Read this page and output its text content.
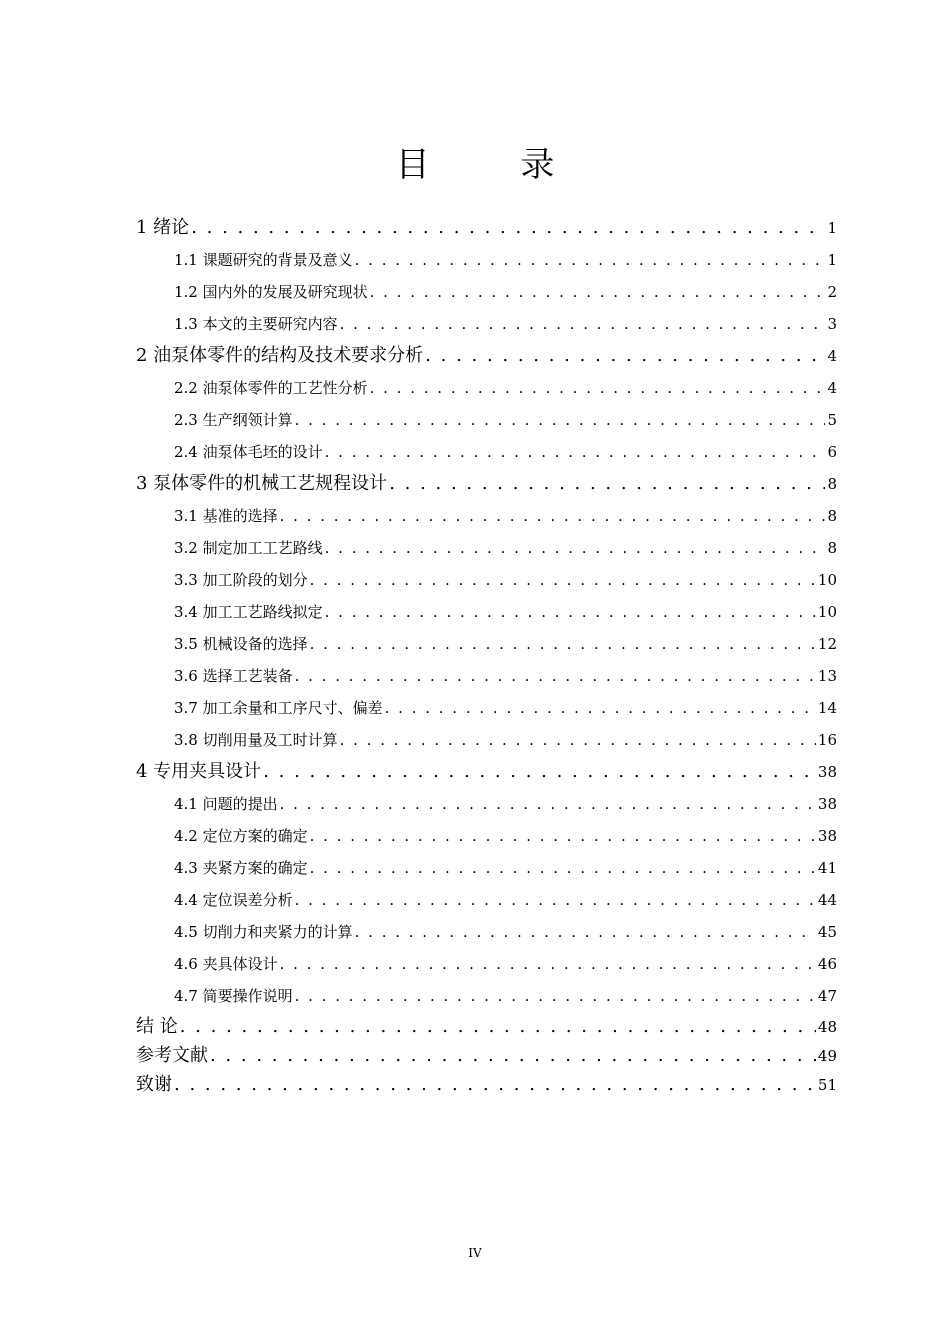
目 录
1 绪论 . . .	1
1.1 课题研究的背景及意义 . . .	1
1.2 国内外的发展及研究现状 . . .	2
1.3 本文的主要研究内容 . . .	3
2 油泵体零件的结构及技术要求分析 . . .	4
2.2 油泵体零件的工艺性分析 . . .	4
2.3 生产纲领计算 . . .	5
2.4 油泵体毛坯的设计 . . .	6
3 泵体零件的机械工艺规程设计 . . .	8
3.1 基准的选择 . . .	8
3.2 制定加工工艺路线 . . .	8
3.3 加工阶段的划分 . . .	10
3.4 加工工艺路线拟定 . . .	10
3.5 机械设备的选择 . . .	12
3.6 选择工艺装备 . . .	13
3.7 加工余量和工序尺寸、偏差 . . .	14
3.8 切削用量及工时计算 . . .	16
4 专用夹具设计 . . .	38
4.1 问题的提出 . . .	38
4.2 定位方案的确定 . . .	38
4.3 夹紧方案的确定 . . .	41
4.4 定位误差分析 . . .	44
4.5 切削力和夹紧力的计算 . . .	45
4.6 夹具体设计 . . .	46
4.7 简要操作说明 . . .	47
结 论 . . .	48
参考文献 . . .	49
致谢 . . .	51
IV
